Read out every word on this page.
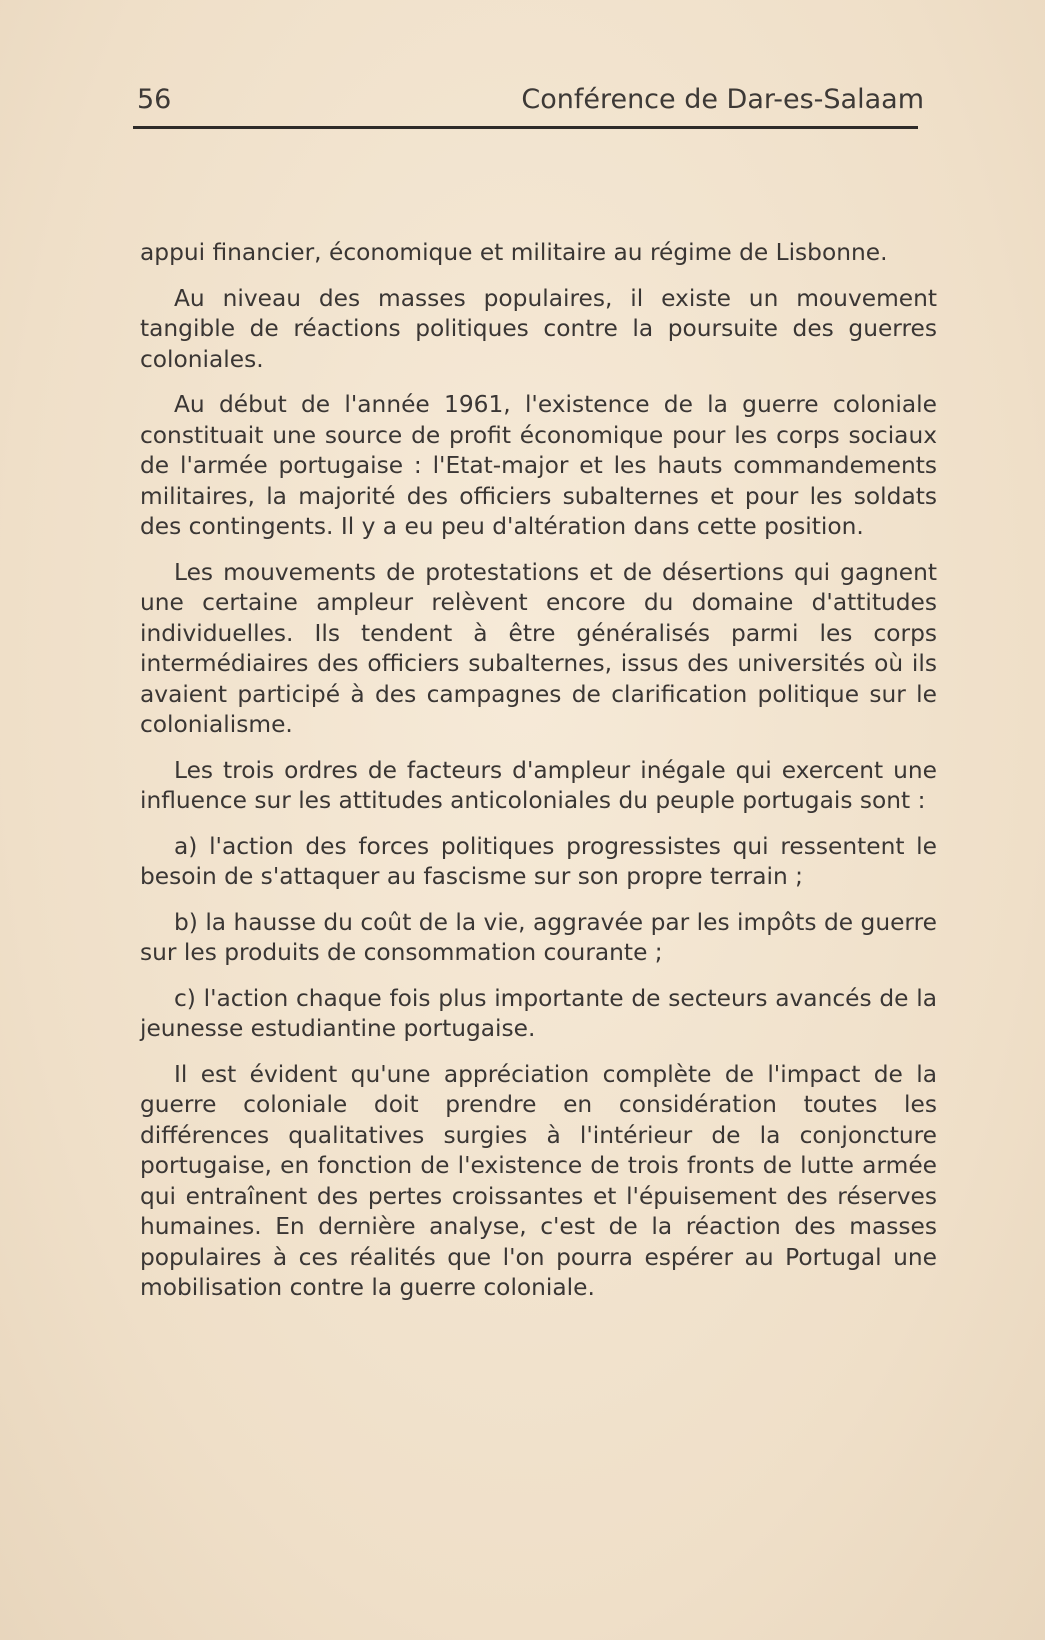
56	Conférence de Dar-es-Salaam

appui financier, économique et militaire au régime de Lisbonne.

Au niveau des masses populaires, il existe un mouvement tangible de réactions politiques contre la poursuite des guerres coloniales.

Au début de l'année 1961, l'existence de la guerre coloniale constituait une source de profit économique pour les corps sociaux de l'armée portugaise : l'Etat-major et les hauts commandements militaires, la majorité des officiers subalternes et pour les soldats des contingents. Il y a eu peu d'altération dans cette position.

Les mouvements de protestations et de désertions qui gagnent une certaine ampleur relèvent encore du domaine d'attitudes individuelles. Ils tendent à être généralisés parmi les corps intermédiaires des officiers subalternes, issus des universités où ils avaient participé à des campagnes de clarification politique sur le colonialisme.

Les trois ordres de facteurs d'ampleur inégale qui exercent une influence sur les attitudes anticoloniales du peuple portugais sont :

a) l'action des forces politiques progressistes qui ressentent le besoin de s'attaquer au fascisme sur son propre terrain ;

b) la hausse du coût de la vie, aggravée par les impôts de guerre sur les produits de consommation courante ;

c) l'action chaque fois plus importante de secteurs avancés de la jeunesse estudiantine portugaise.

Il est évident qu'une appréciation complète de l'impact de la guerre coloniale doit prendre en considération toutes les différences qualitatives surgies à l'intérieur de la conjoncture portugaise, en fonction de l'existence de trois fronts de lutte armée qui entraînent des pertes croissantes et l'épuisement des réserves humaines. En dernière analyse, c'est de la réaction des masses populaires à ces réalités que l'on pourra espérer au Portugal une mobilisation contre la guerre coloniale.
